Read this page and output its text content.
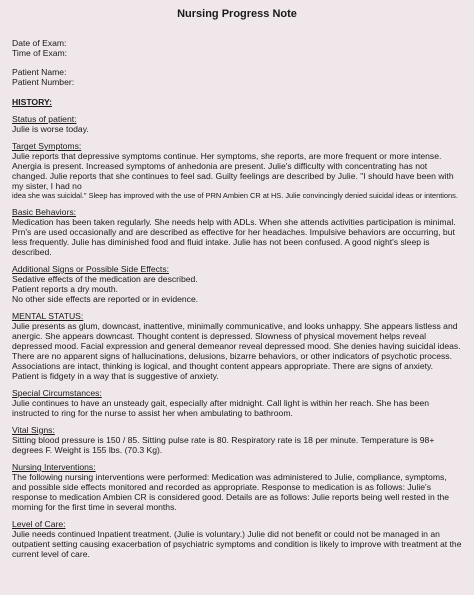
Nursing Progress Note
Date of Exam:
Time of Exam:
Patient Name:
Patient Number:
HISTORY:
Status of patient:

Julie is worse today.

Target Symptoms:

Julie reports that depressive symptoms continue. Her symptoms, she reports, are more frequent or more intense. Anergia is present. Increased symptoms of anhedonia are present. Julie's difficulty with concentrating has not changed. Julie reports that she continues to feel sad. Guilty feelings are described by Julie. "I should have been with my sister, I had no

idea she was suicidal." Sleep has improved with the use of PRN Ambien CR at HS. Julie convincingly denied suicidal ideas or intentions.

Basic Behaviors:

Medication has been taken regularly. She needs help with ADLs. When she attends activities participation is minimal. Prn's are used occasionally and are described as effective for her headaches. Impulsive behaviors are occurring, but less frequently. Julie has diminished food and fluid intake. Julie has not been confused. A good night's sleep is described.

Additional Signs or Possible Side Effects:
Sedative effects of the medication are described.
Patient reports a dry mouth.
No other side effects are reported or in evidence.
MENTAL STATUS:

Julie presents as glum, downcast, inattentive, minimally communicative, and looks unhappy. She appears listless and anergic. She appears downcast. Thought content is depressed. Slowness of physical movement helps reveal depressed mood. Facial expression and general demeanor reveal depressed mood. She denies having suicidal ideas. There are no apparent signs of hallucinations, delusions, bizarre behaviors, or other indicators of psychotic process. Associations are intact, thinking is logical, and thought content appears appropriate. There are signs of anxiety. Patient is fidgety in a way that is suggestive of anxiety.

Special Circumstances:

Julie continues to have an unsteady gait, especially after midnight. Call light is within her reach. She has been instructed to ring for the nurse to assist her when ambulating to bathroom.

Vital Signs:

Sitting blood pressure is 150 / 85. Sitting pulse rate is 80. Respiratory rate is 18 per minute. Temperature is 98+ degrees F. Weight is 155 lbs. (70.3 Kg).

Nursing Interventions:

The following nursing interventions were performed: Medication was administered to Julie, compliance, symptoms, and possible side effects monitored and recorded as appropriate. Response to medication is as follows: Julie's response to medication Ambien CR is considered good. Details are as follows: Julie reports being well rested in the morning for the first time in several months.

Level of Care:

Julie needs continued Inpatient treatment. (Julie is voluntary.) Julie did not benefit or could not be managed in an outpatient setting causing exacerbation of psychiatric symptoms and condition is likely to improve with treatment at the current level of care.
